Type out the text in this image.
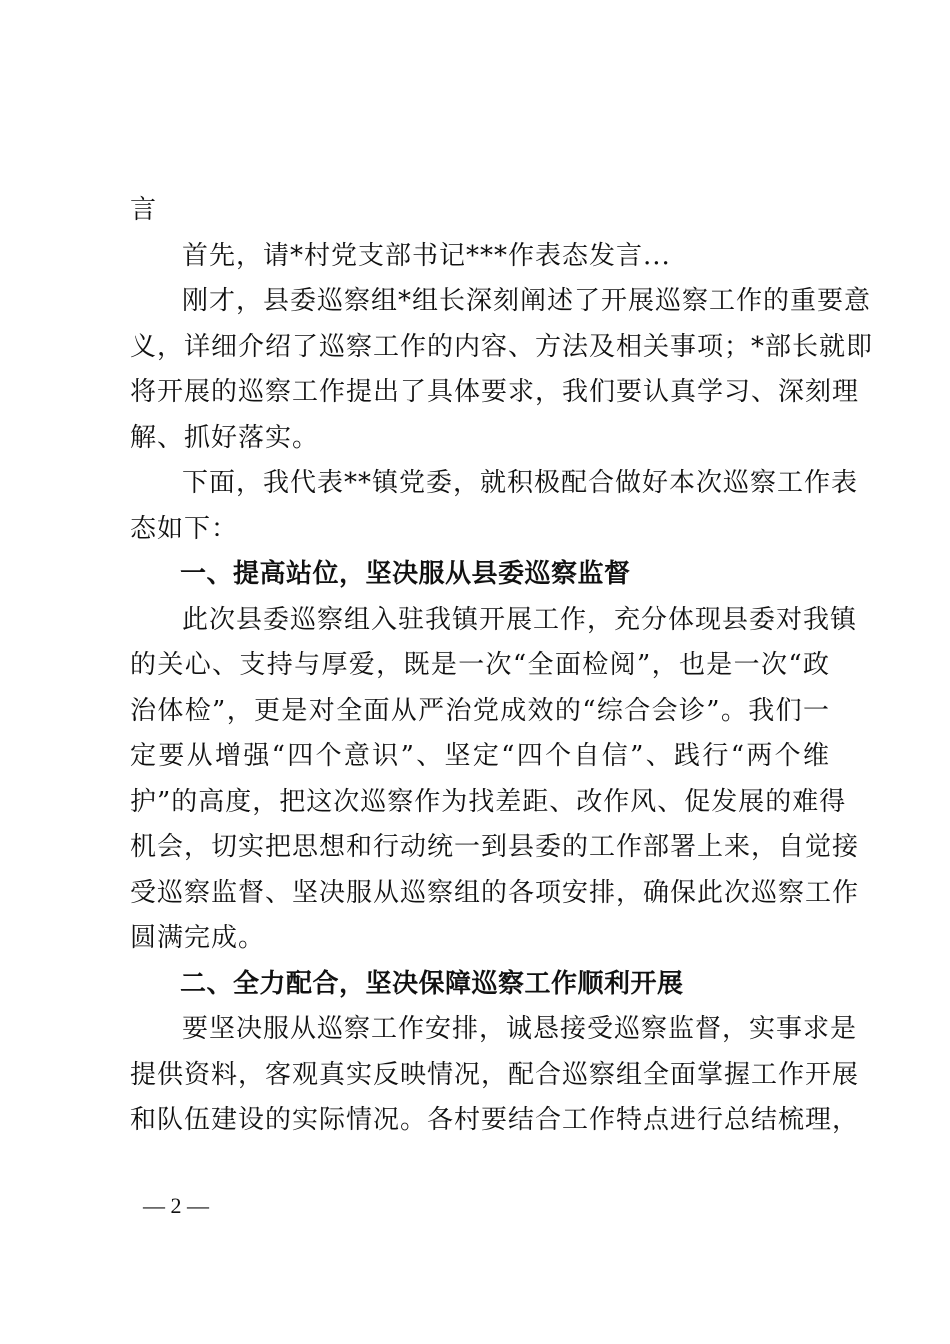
言
首先，请*村党支部书记***作表态发言...
刚才，县委巡察组*组长深刻阐述了开展巡察工作的重要意
义，详细介绍了巡察工作的内容、方法及相关事项；*部长就即
将开展的巡察工作提出了具体要求，我们要认真学习、深刻理
解、抓好落实。
下面，我代表**镇党委，就积极配合做好本次巡察工作表
态如下：
一、提高站位，坚决服从县委巡察监督
此次县委巡察组入驻我镇开展工作，充分体现县委对我镇
的关心、支持与厚爱，既是一次“全面检阅”，也是一次“政
治体检”，更是对全面从严治党成效的“综合会诊”。我们一
定要从增强“四个意识”、坚定“四个自信”、践行“两个维
护”的高度，把这次巡察作为找差距、改作风、促发展的难得
机会，切实把思想和行动统一到县委的工作部署上来，自觉接
受巡察监督、坚决服从巡察组的各项安排，确保此次巡察工作
圆满完成。
二、全力配合，坚决保障巡察工作顺利开展
要坚决服从巡察工作安排，诚恳接受巡察监督，实事求是
提供资料，客观真实反映情况，配合巡察组全面掌握工作开展
和队伍建设的实际情况。各村要结合工作特点进行总结梳理，
— 2 —
